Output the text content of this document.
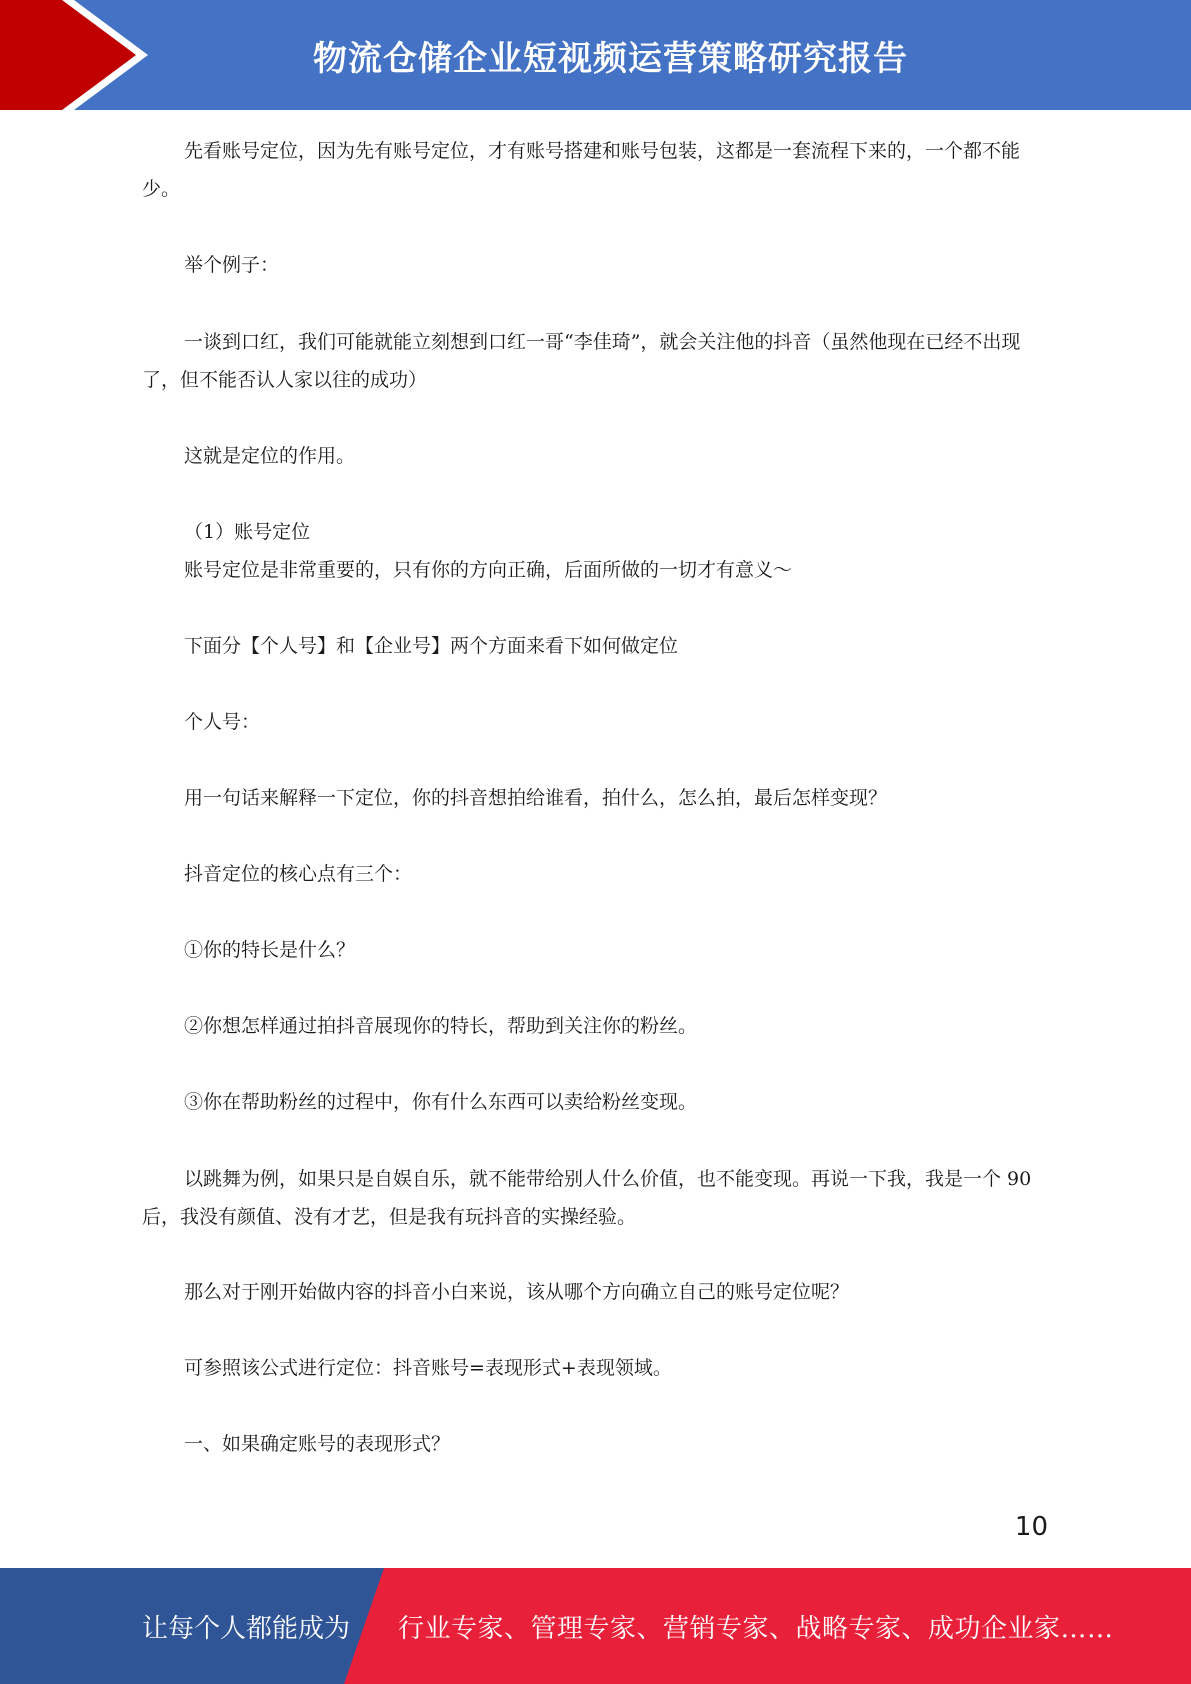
物流仓储企业短视频运营策略研究报告

先看账号定位，因为先有账号定位，才有账号搭建和账号包装，这都是一套流程下来的，一个都不能少。

举个例子：

一谈到口红，我们可能就能立刻想到口红一哥“李佳琦”，就会关注他的抖音（虽然他现在已经不出现了，但不能否认人家以往的成功）

这就是定位的作用。

（1）账号定位

账号定位是非常重要的，只有你的方向正确，后面所做的一切才有意义～

下面分【个人号】和【企业号】两个方面来看下如何做定位

个人号：

用一句话来解释一下定位，你的抖音想拍给谁看，拍什么，怎么拍，最后怎样变现？

抖音定位的核心点有三个：

①你的特长是什么？

②你想怎样通过拍抖音展现你的特长，帮助到关注你的粉丝。

③你在帮助粉丝的过程中，你有什么东西可以卖给粉丝变现。

以跳舞为例，如果只是自娱自乐，就不能带给别人什么价值，也不能变现。再说一下我，我是一个 90 后，我没有颜值、没有才艺，但是我有玩抖音的实操经验。

那么对于刚开始做内容的抖音小白来说，该从哪个方向确立自己的账号定位呢？

可参照该公式进行定位：抖音账号=表现形式+表现领域。

一、如果确定账号的表现形式？

10
让每个人都能成为 行业专家、管理专家、营销专家、战略专家、成功企业家……
